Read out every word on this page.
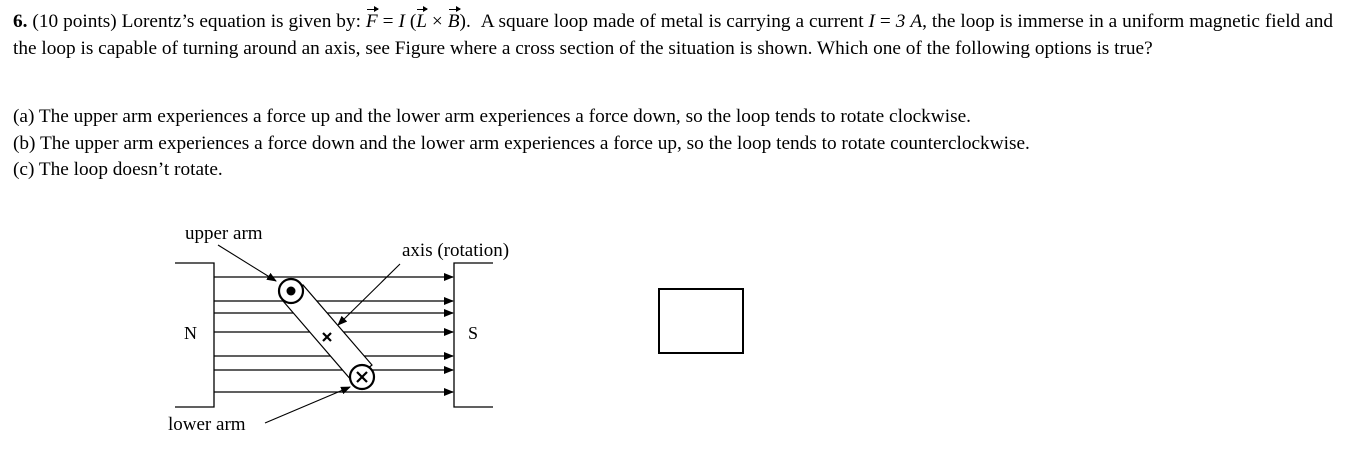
6. (10 points) Lorentz’s equation is given by: F = I (L × B). A square loop made of metal is carrying a current I = 3 A, the loop is immerse in a uniform magnetic field and the loop is capable of turning around an axis, see Figure where a cross section of the situation is shown. Which one of the following options is true?
(a) The upper arm experiences a force up and the lower arm experiences a force down, so the loop tends to rotate clockwise.
(b) The upper arm experiences a force down and the lower arm experiences a force up, so the loop tends to rotate counterclockwise.
(c) The loop doesn’t rotate.
upper arm
axis (rotation)
N	S
lower arm
